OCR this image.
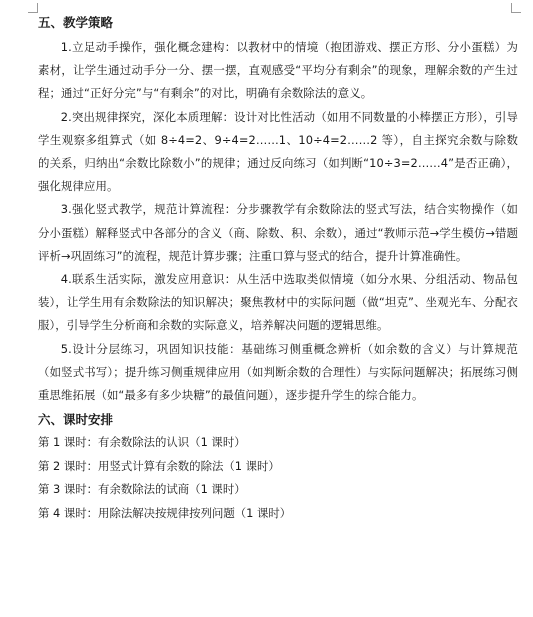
五、教学策略

1.立足动手操作，强化概念建构：以教材中的情境（抱团游戏、摆正方形、分小蛋糕）为素材，让学生通过动手分一分、摆一摆，直观感受“平均分有剩余”的现象，理解余数的产生过程；通过“正好分完”与“有剩余”的对比，明确有余数除法的意义。

2.突出规律探究，深化本质理解：设计对比性活动（如用不同数量的小棒摆正方形），引导学生观察多组算式（如 8÷4=2、9÷4=2……1、10÷4=2……2 等），自主探究余数与除数的关系，归纳出“余数比除数小”的规律；通过反向练习（如判断“10÷3=2……4”是否正确），强化规律应用。

3.强化竖式教学，规范计算流程：分步骤教学有余数除法的竖式写法，结合实物操作（如分小蛋糕）解释竖式中各部分的含义（商、除数、积、余数），通过“教师示范→学生模仿→错题评析→巩固练习”的流程，规范计算步骤；注重口算与竖式的结合，提升计算准确性。

4.联系生活实际，激发应用意识：从生活中选取类似情境（如分水果、分组活动、物品包装），让学生用有余数除法的知识解决；聚焦教材中的实际问题（做“坦克”、坐观光车、分配衣服），引导学生分析商和余数的实际意义，培养解决问题的逻辑思维。

5.设计分层练习，巩固知识技能：基础练习侧重概念辨析（如余数的含义）与计算规范（如竖式书写）；提升练习侧重规律应用（如判断余数的合理性）与实际问题解决；拓展练习侧重思维拓展（如“最多有多少块糖”的最值问题），逐步提升学生的综合能力。

六、课时安排

第 1 课时：有余数除法的认识（1 课时）

第 2 课时：用竖式计算有余数的除法（1 课时）

第 3 课时：有余数除法的试商（1 课时）

第 4 课时：用除法解决按规律按列问题（1 课时）
